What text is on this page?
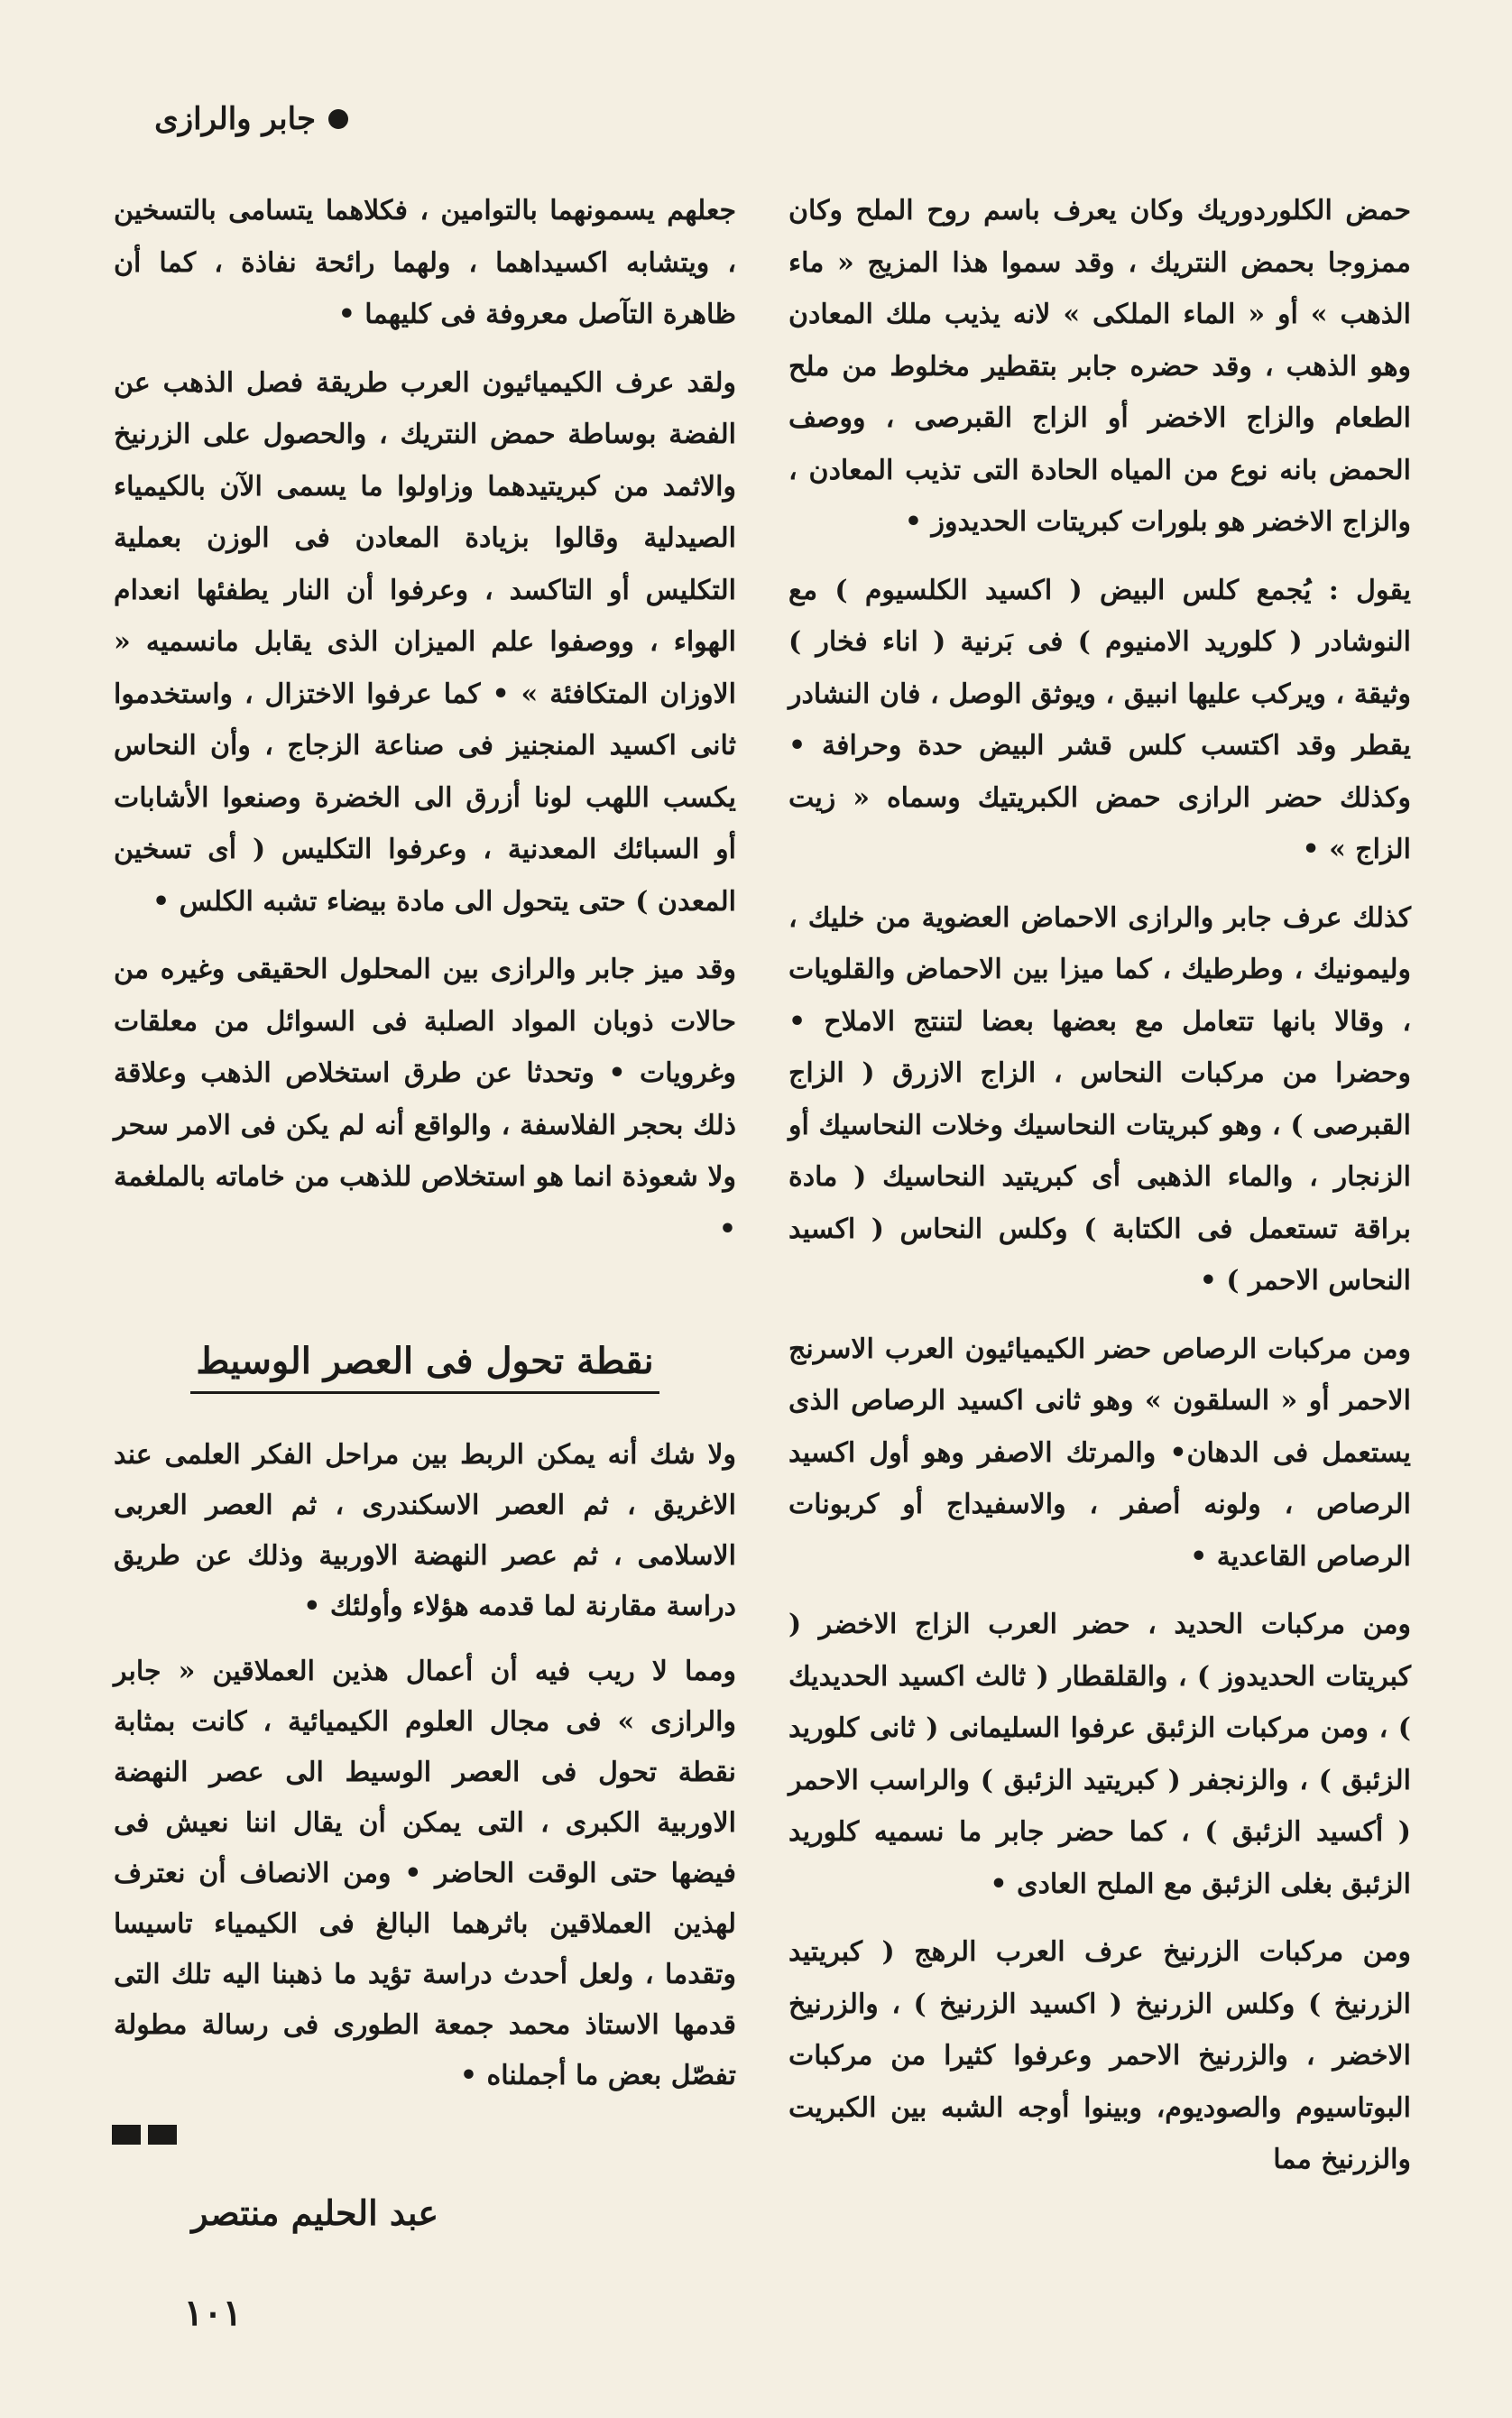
جابر والرازى

حمض الكلوردوريك وكان يعرف باسم روح الملح وكان ممزوجا بحمض النتريك ، وقد سموا هذا المزيج « ماء الذهب » أو « الماء الملكى » لانه يذيب ملك المعادن وهو الذهب ، وقد حضره جابر بتقطير مخلوط من ملح الطعام والزاج الاخضر أو الزاج القبرصى ، ووصف الحمض بانه نوع من المياه الحادة التى تذيب المعادن ، والزاج الاخضر هو بلورات كبريتات الحديدوز •

يقول : يُجمع كلس البيض ( اكسيد الكلسيوم ) مع النوشادر ( كلوريد الامنيوم ) فى بَرنية ( اناء فخار ) وثيقة ، ويركب عليها انبيق ، ويوثق الوصل ، فان النشادر يقطر وقد اكتسب كلس قشر البيض حدة وحرافة • وكذلك حضر الرازى حمض الكبريتيك وسماه « زيت الزاج » •

كذلك عرف جابر والرازى الاحماض العضوية من خليك ، وليمونيك ، وطرطيك ، كما ميزا بين الاحماض والقلويات ، وقالا بانها تتعامل مع بعضها بعضا لتنتج الاملاح • وحضرا من مركبات النحاس ، الزاج الازرق ( الزاج القبرصى ) ، وهو كبريتات النحاسيك وخلات النحاسيك أو الزنجار ، والماء الذهبى أى كبريتيد النحاسيك ( مادة براقة تستعمل فى الكتابة ) وكلس النحاس ( اكسيد النحاس الاحمر ) •

ومن مركبات الرصاص حضر الكيميائيون العرب الاسرنج الاحمر أو « السلقون » وهو ثانى اكسيد الرصاص الذى يستعمل فى الدهان• والمرتك الاصفر وهو أول اكسيد الرصاص ، ولونه أصفر ، والاسفيداج أو كربونات الرصاص القاعدية •

ومن مركبات الحديد ، حضر العرب الزاج الاخضر ( كبريتات الحديدوز ) ، والقلقطار ( ثالث اكسيد الحديديك ) ، ومن مركبات الزئبق عرفوا السليمانى ( ثانى كلوريد الزئبق ) ، والزنجفر ( كبريتيد الزئبق ) والراسب الاحمر ( أكسيد الزئبق ) ، كما حضر جابر ما نسميه كلوريد الزئبق بغلى الزئبق مع الملح العادى •

ومن مركبات الزرنيخ عرف العرب الرهج ( كبريتيد الزرنيخ ) وكلس الزرنيخ ( اكسيد الزرنيخ ) ، والزرنيخ الاخضر ، والزرنيخ الاحمر وعرفوا كثيرا من مركبات البوتاسيوم والصوديوم، وبينوا أوجه الشبه بين الكبريت والزرنيخ مما

جعلهم يسمونهما بالتوامين ، فكلاهما يتسامى بالتسخين ، ويتشابه اكسيداهما ، ولهما رائحة نفاذة ، كما أن ظاهرة التآصل معروفة فى كليهما •

ولقد عرف الكيميائيون العرب طريقة فصل الذهب عن الفضة بوساطة حمض النتريك ، والحصول على الزرنيخ والاثمد من كبريتيدهما وزاولوا ما يسمى الآن بالكيمياء الصيدلية وقالوا بزيادة المعادن فى الوزن بعملية التكليس أو التاكسد ، وعرفوا أن النار يطفئها انعدام الهواء ، ووصفوا علم الميزان الذى يقابل مانسميه « الاوزان المتكافئة » • كما عرفوا الاختزال ، واستخدموا ثانى اكسيد المنجنيز فى صناعة الزجاج ، وأن النحاس يكسب اللهب لونا أزرق الى الخضرة وصنعوا الأشابات أو السبائك المعدنية ، وعرفوا التكليس ( أى تسخين المعدن ) حتى يتحول الى مادة بيضاء تشبه الكلس •

وقد ميز جابر والرازى بين المحلول الحقيقى وغيره من حالات ذوبان المواد الصلبة فى السوائل من معلقات وغرويات • وتحدثا عن طرق استخلاص الذهب وعلاقة ذلك بحجر الفلاسفة ، والواقع أنه لم يكن فى الامر سحر ولا شعوذة انما هو استخلاص للذهب من خاماته بالملغمة •

نقطة تحول فى العصر الوسيط

ولا شك أنه يمكن الربط بين مراحل الفكر العلمى عند الاغريق ، ثم العصر الاسكندرى ، ثم العصر العربى الاسلامى ، ثم عصر النهضة الاوربية وذلك عن طريق دراسة مقارنة لما قدمه هؤلاء وأولئك •

ومما لا ريب فيه أن أعمال هذين العملاقين « جابر والرازى » فى مجال العلوم الكيميائية ، كانت بمثابة نقطة تحول فى العصر الوسيط الى عصر النهضة الاوربية الكبرى ، التى يمكن أن يقال اننا نعيش فى فيضها حتى الوقت الحاضر • ومن الانصاف أن نعترف لهذين العملاقين باثرهما البالغ فى الكيمياء تاسيسا وتقدما ، ولعل أحدث دراسة تؤيد ما ذهبنا اليه تلك التى قدمها الاستاذ محمد جمعة الطورى فى رسالة مطولة تفصّل بعض ما أجملناه •

عبد الحليم منتصر
١٠١
